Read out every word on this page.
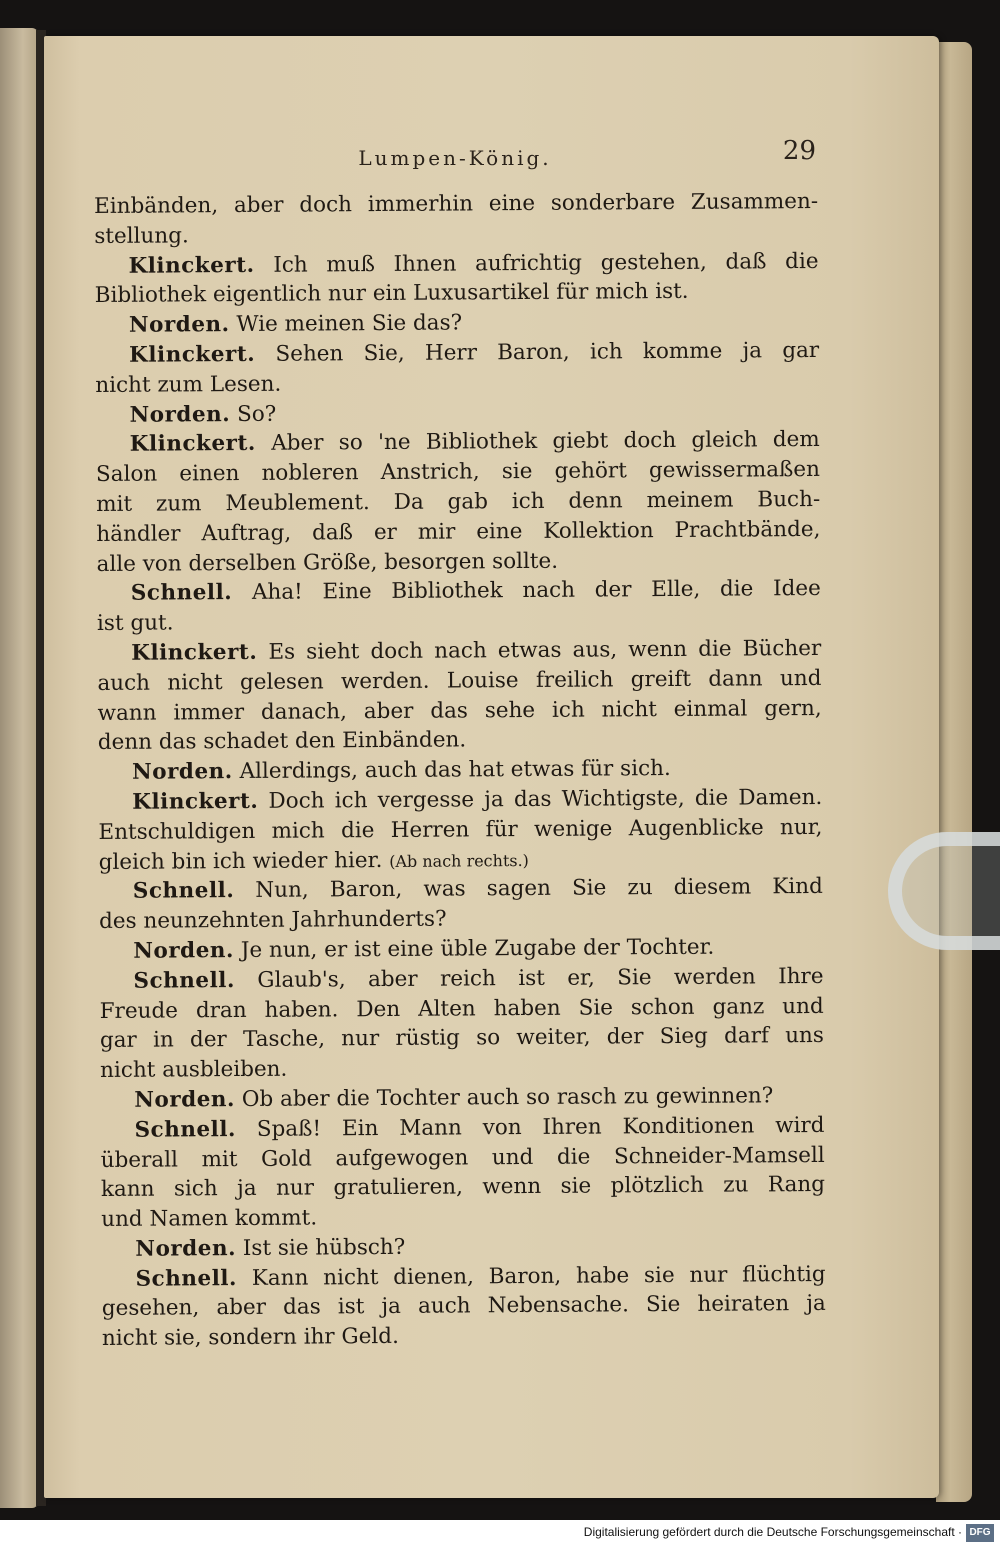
Lumpen-König.	29
Einbänden, aber doch immerhin eine sonderbare Zusammen-
stellung.
Klinckert. Ich muß Ihnen aufrichtig gestehen, daß die
Bibliothek eigentlich nur ein Luxusartikel für mich ist.
Norden. Wie meinen Sie das?
Klinckert. Sehen Sie, Herr Baron, ich komme ja gar
nicht zum Lesen.
Norden. So?
Klinckert. Aber so 'ne Bibliothek giebt doch gleich dem
Salon einen nobleren Anstrich, sie gehört gewissermaßen
mit zum Meublement. Da gab ich denn meinem Buch-
händler Auftrag, daß er mir eine Kollektion Prachtbände,
alle von derselben Größe, besorgen sollte.
Schnell. Aha! Eine Bibliothek nach der Elle, die Idee
ist gut.
Klinckert. Es sieht doch nach etwas aus, wenn die Bücher
auch nicht gelesen werden. Louise freilich greift dann und
wann immer danach, aber das sehe ich nicht einmal gern,
denn das schadet den Einbänden.
Norden. Allerdings, auch das hat etwas für sich.
Klinckert. Doch ich vergesse ja das Wichtigste, die Damen.
Entschuldigen mich die Herren für wenige Augenblicke nur,
gleich bin ich wieder hier. (Ab nach rechts.)
Schnell. Nun, Baron, was sagen Sie zu diesem Kind
des neunzehnten Jahrhunderts?
Norden. Je nun, er ist eine üble Zugabe der Tochter.
Schnell. Glaub's, aber reich ist er, Sie werden Ihre
Freude dran haben. Den Alten haben Sie schon ganz und
gar in der Tasche, nur rüstig so weiter, der Sieg darf uns
nicht ausbleiben.
Norden. Ob aber die Tochter auch so rasch zu gewinnen?
Schnell. Spaß! Ein Mann von Ihren Konditionen wird
überall mit Gold aufgewogen und die Schneider-Mamsell
kann sich ja nur gratulieren, wenn sie plötzlich zu Rang
und Namen kommt.
Norden. Ist sie hübsch?
Schnell. Kann nicht dienen, Baron, habe sie nur flüchtig
gesehen, aber das ist ja auch Nebensache. Sie heiraten ja
nicht sie, sondern ihr Geld.
Digitalisierung gefördert durch die Deutsche Forschungsgemeinschaft · DFG
